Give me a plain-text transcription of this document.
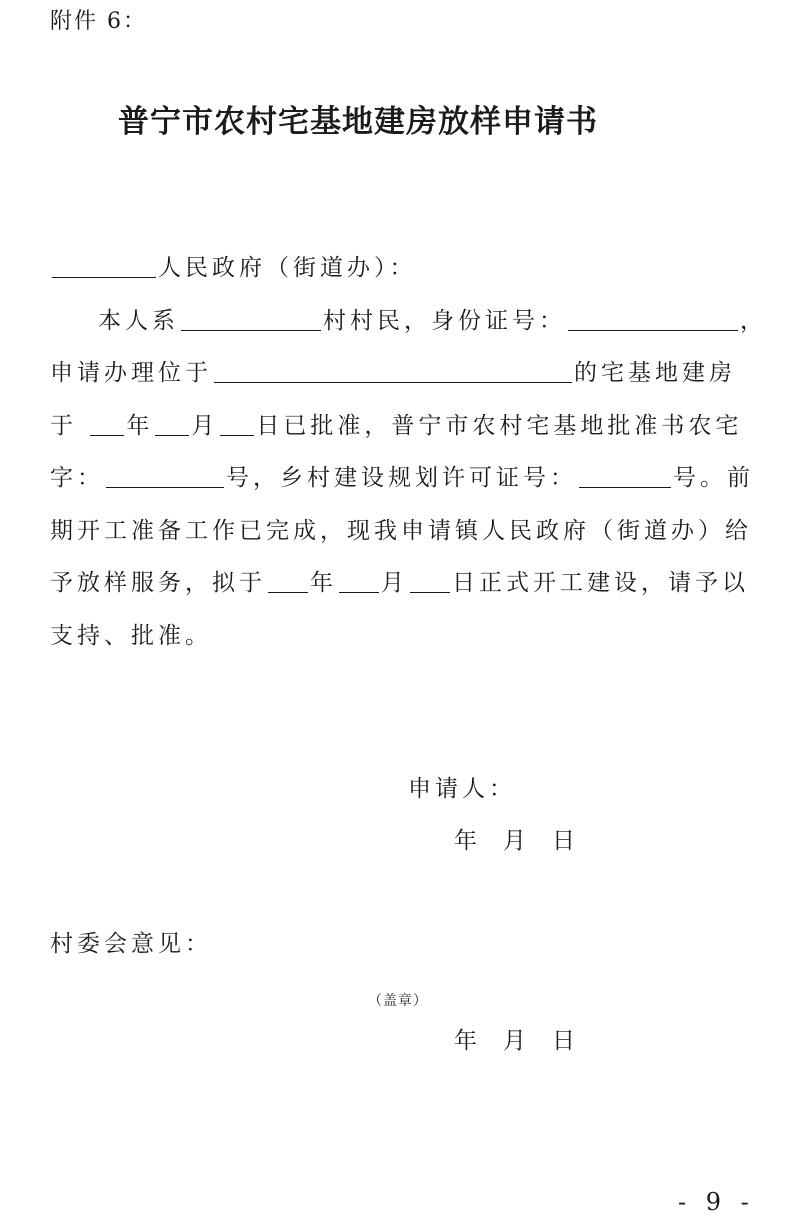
附件 6：
普宁市农村宅基地建房放样申请书
人民政府（街道办）：
本人系	村村民，身份证号：	，
申请办理位于	的宅基地建房
于 年 月 日已批准，普宁市农村宅基地批准书农宅
字：	号，乡村建设规划许可证号：	号。前
期开工准备工作已完成，现我申请镇人民政府（街道办）给
予放样服务，拟于 年 月 日正式开工建设，请予以
支持、批准。
申请人：
年 月 日
村委会意见：
（盖章）
年 月 日
- 9 -
